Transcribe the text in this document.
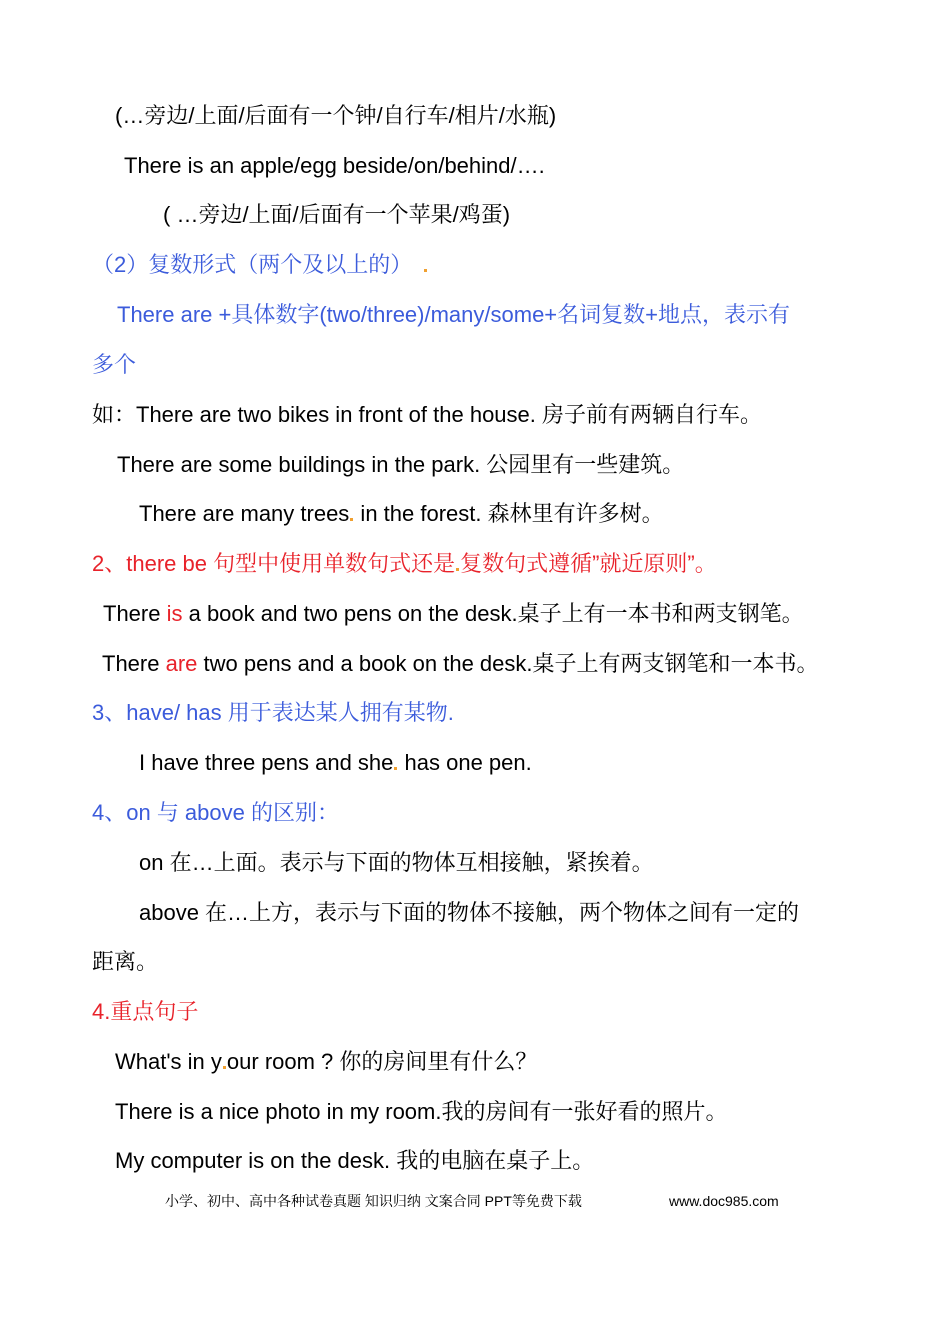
(…旁边/上面/后面有一个钟/自行车/相片/水瓶)
There is an apple/egg beside/on/behind/….
( …旁边/上面/后面有一个苹果/鸡蛋)
（2）复数形式（两个及以上的）
There are +具体数字(two/three)/many/some+名词复数+地点，表示有
多个
如：There are two bikes in front of the house. 房子前有两辆自行车。
There are some buildings in the park. 公园里有一些建筑。
There are many trees in the forest. 森林里有许多树。
2、there be 句型中使用单数句式还是 复数句式遵循”就近原则”。
There is a book and two pens on the desk.桌子上有一本书和两支钢笔。
There are two pens and a book on the desk.桌子上有两支钢笔和一本书。
3、have/ has 用于表达某人拥有某物.
I have three pens and she has one pen.
4、on 与 above 的区别：
on 在…上面。表示与下面的物体互相接触，紧挨着。
above 在…上方，表示与下面的物体不接触，两个物体之间有一定的
距离。
4.重点句子
What's in y our room ? 你的房间里有什么？
There is a nice photo in my room.我的房间有一张好看的照片。
My computer is on the desk. 我的电脑在桌子上。
小学、初中、高中各种试卷真题 知识归纳 文案合同 PPT等免费下载	www.doc985.com
